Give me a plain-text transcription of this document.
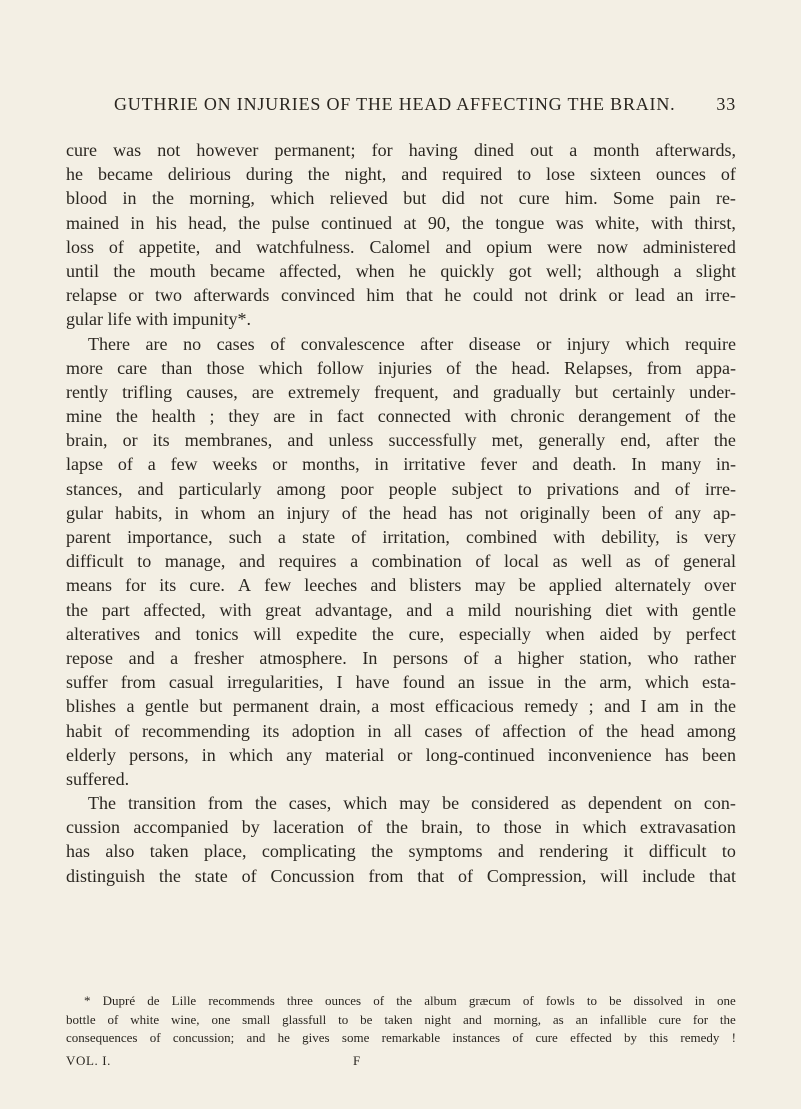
GUTHRIE ON INJURIES OF THE HEAD AFFECTING THE BRAIN. 33
cure was not however permanent; for having dined out a month afterwards,
he became delirious during the night, and required to lose sixteen ounces of
blood in the morning, which relieved but did not cure him. Some pain re-
mained in his head, the pulse continued at 90, the tongue was white, with thirst,
loss of appetite, and watchfulness. Calomel and opium were now administered
until the mouth became affected, when he quickly got well; although a slight
relapse or two afterwards convinced him that he could not drink or lead an irre-
gular life with impunity*.
There are no cases of convalescence after disease or injury which require
more care than those which follow injuries of the head. Relapses, from appa-
rently trifling causes, are extremely frequent, and gradually but certainly under-
mine the health ; they are in fact connected with chronic derangement of the
brain, or its membranes, and unless successfully met, generally end, after the
lapse of a few weeks or months, in irritative fever and death. In many in-
stances, and particularly among poor people subject to privations and of irre-
gular habits, in whom an injury of the head has not originally been of any ap-
parent importance, such a state of irritation, combined with debility, is very
difficult to manage, and requires a combination of local as well as of general
means for its cure. A few leeches and blisters may be applied alternately over
the part affected, with great advantage, and a mild nourishing diet with gentle
alteratives and tonics will expedite the cure, especially when aided by perfect
repose and a fresher atmosphere. In persons of a higher station, who rather
suffer from casual irregularities, I have found an issue in the arm, which esta-
blishes a gentle but permanent drain, a most efficacious remedy ; and I am in the
habit of recommending its adoption in all cases of affection of the head among
elderly persons, in which any material or long-continued inconvenience has been
suffered.
The transition from the cases, which may be considered as dependent on con-
cussion accompanied by laceration of the brain, to those in which extravasation
has also taken place, complicating the symptoms and rendering it difficult to
distinguish the state of Concussion from that of Compression, will include that
* Dupré de Lille recommends three ounces of the album græcum of fowls to be dissolved in one
bottle of white wine, one small glassfull to be taken night and morning, as an infallible cure for the
consequences of concussion; and he gives some remarkable instances of cure effected by this remedy !
VOL. I.	F
